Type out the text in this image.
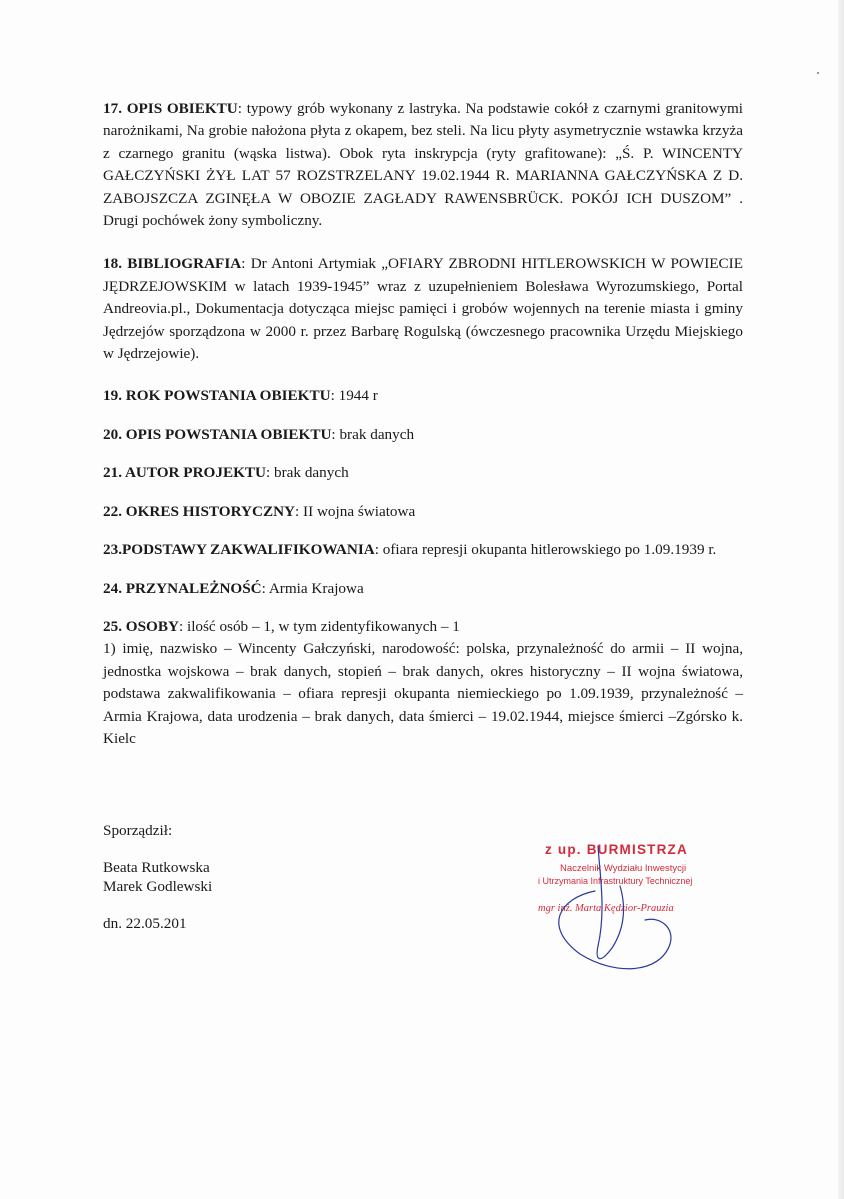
17. OPIS OBIEKTU: typowy grób wykonany z lastryka. Na podstawie cokół z czarnymi granitowymi narożnikami, Na grobie nałożona płyta z okapem, bez steli. Na licu płyty asymetrycznie wstawka krzyża z czarnego granitu (wąska listwa). Obok ryta inskrypcja (ryty grafitowane): „Ś. P. WINCENTY GAŁCZYŃSKI ŻYŁ LAT 57 ROZSTRZELANY 19.02.1944 R. MARIANNA GAŁCZYŃSKA Z D. ZABOJSZCZA ZGINĘŁA W OBOZIE ZAGŁADY RAWENSBRÜCK. POKÓJ ICH DUSZOM” . Drugi pochówek żony symboliczny.

18. BIBLIOGRAFIA: Dr Antoni Artymiak „OFIARY ZBRODNI HITLEROWSKICH W POWIECIE JĘDRZEJOWSKIM w latach 1939-1945” wraz z uzupełnieniem Bolesława Wyrozumskiego, Portal Andreovia.pl., Dokumentacja dotycząca miejsc pamięci i grobów wojennych na terenie miasta i gminy Jędrzejów sporządzona w 2000 r. przez Barbarę Rogulską (ówczesnego pracownika Urzędu Miejskiego w Jędrzejowie).

19. ROK POWSTANIA OBIEKTU: 1944 r

20. OPIS POWSTANIA OBIEKTU: brak danych

21. AUTOR PROJEKTU: brak danych

22. OKRES HISTORYCZNY: II wojna światowa

23.PODSTAWY ZAKWALIFIKOWANIA: ofiara represji okupanta hitlerowskiego po 1.09.1939 r.

24. PRZYNALEŻNOŚĆ: Armia Krajowa

25. OSOBY: ilość osób – 1, w tym zidentyfikowanych – 1
1) imię, nazwisko – Wincenty Gałczyński, narodowość: polska, przynależność do armii – II wojna, jednostka wojskowa – brak danych, stopień – brak danych, okres historyczny – II wojna światowa, podstawa zakwalifikowania – ofiara represji okupanta niemieckiego po 1.09.1939, przynależność – Armia Krajowa, data urodzenia – brak danych, data śmierci – 19.02.1944, miejsce śmierci –Zgórsko k. Kielc

Sporządził:
Beata Rutkowska
Marek Godlewski
dn. 22.05.201
z up. BURMISTRZA
Naczelnik Wydziału Inwestycji
i Utrzymania Infrastruktury Technicznej
mgr inż. Marta Kędzior-Prauzia
